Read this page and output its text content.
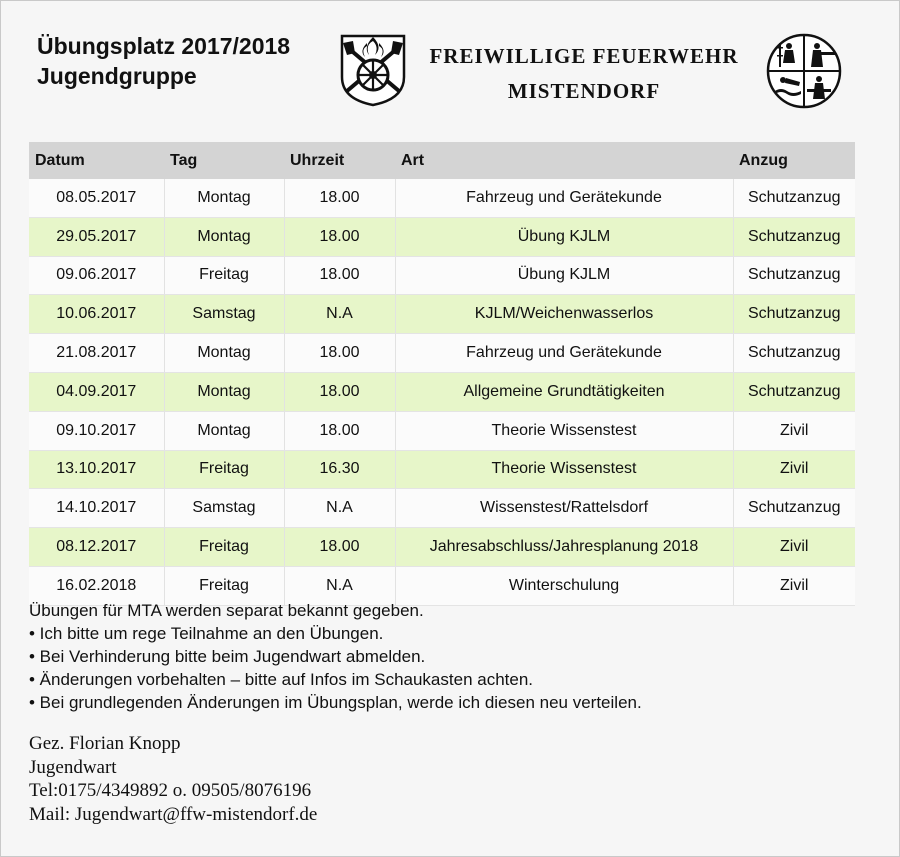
Übungsplatz 2017/2018
Jugendgruppe
FREIWILLIGE FEUERWEHR
MISTENDORF
Datum	Tag	Uhrzeit	Art	Anzug
08.05.2017	Montag	18.00	Fahrzeug und Gerätekunde	Schutzanzug
29.05.2017	Montag	18.00	Übung KJLM	Schutzanzug
09.06.2017	Freitag	18.00	Übung KJLM	Schutzanzug
10.06.2017	Samstag	N.A	KJLM/Weichenwasserlos	Schutzanzug
21.08.2017	Montag	18.00	Fahrzeug und Gerätekunde	Schutzanzug
04.09.2017	Montag	18.00	Allgemeine Grundtätigkeiten	Schutzanzug
09.10.2017	Montag	18.00	Theorie Wissenstest	Zivil
13.10.2017	Freitag	16.30	Theorie Wissenstest	Zivil
14.10.2017	Samstag	N.A	Wissenstest/Rattelsdorf	Schutzanzug
08.12.2017	Freitag	18.00	Jahresabschluss/Jahresplanung 2018	Zivil
16.02.2018	Freitag	N.A	Winterschulung	Zivil
Übungen für MTA werden separat bekannt gegeben.
• Ich bitte um rege Teilnahme an den Übungen.
• Bei Verhinderung bitte beim Jugendwart abmelden.
• Änderungen vorbehalten – bitte auf Infos im Schaukasten achten.
• Bei grundlegenden Änderungen im Übungsplan, werde ich diesen neu verteilen.
Gez. Florian Knopp
Jugendwart
Tel:0175/4349892 o. 09505/8076196
Mail: Jugendwart@ffw-mistendorf.de
